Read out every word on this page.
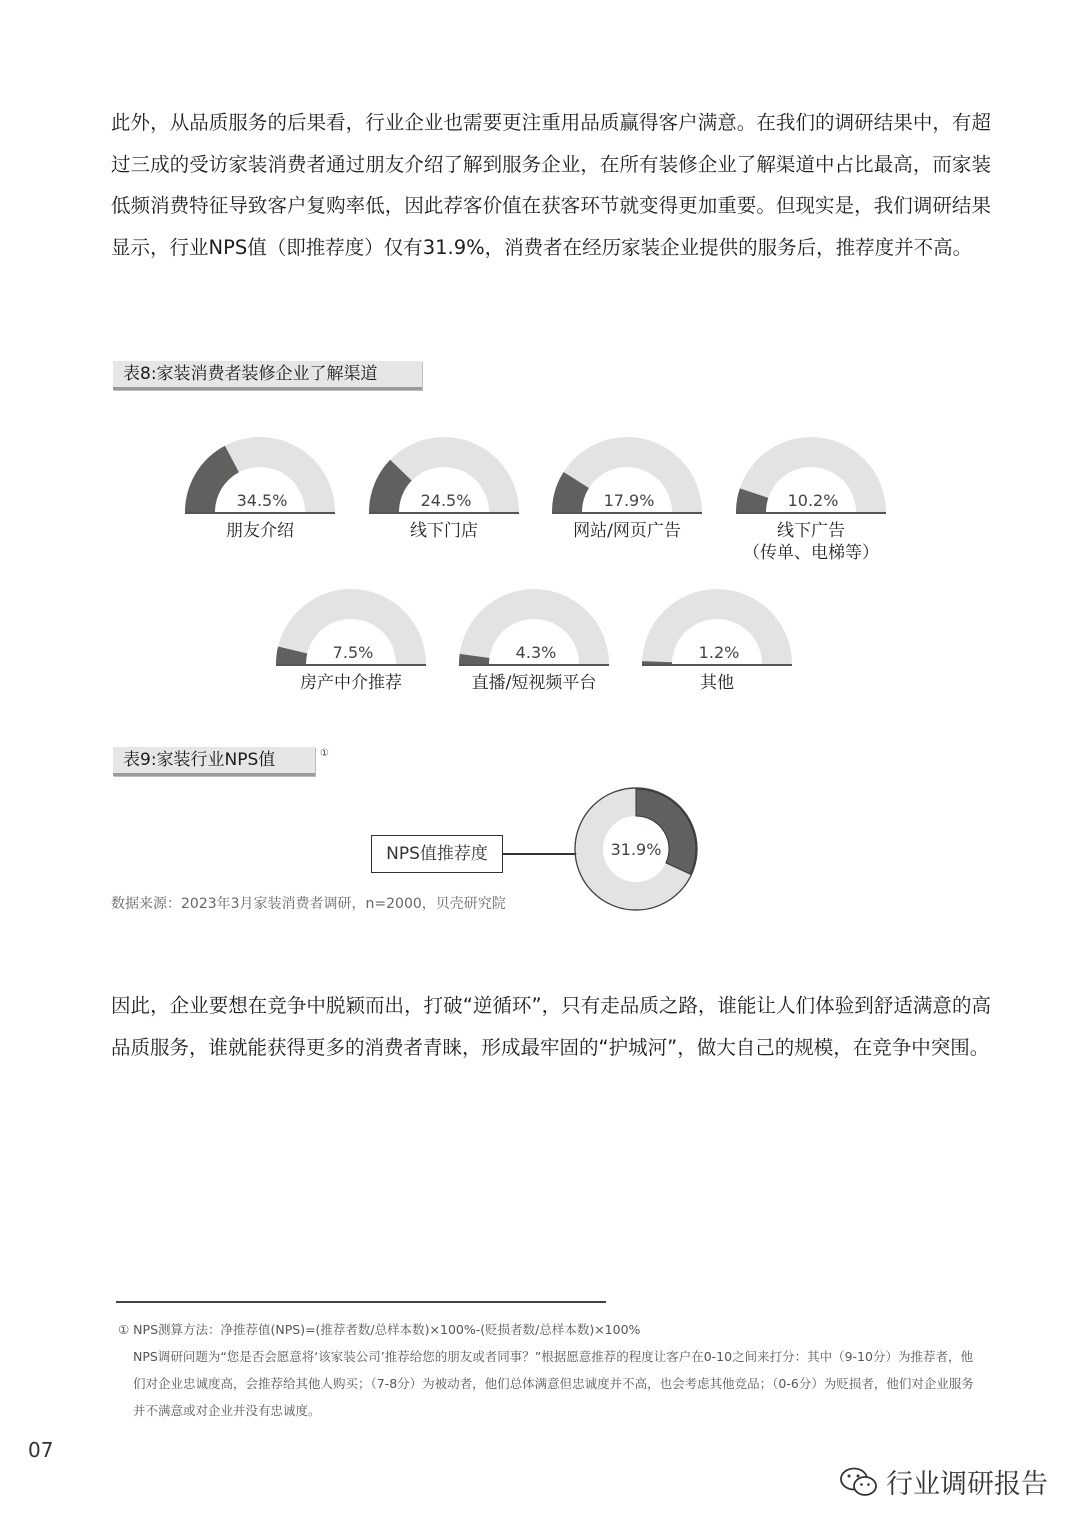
此外，从品质服务的后果看，行业企业也需要更注重用品质赢得客户满意。在我们的调研结果中，有超过三成的受访家装消费者通过朋友介绍了解到服务企业，在所有装修企业了解渠道中占比最高，而家装低频消费特征导致客户复购率低，因此荐客价值在获客环节就变得更加重要。但现实是，我们调研结果显示，行业NPS值（即推荐度）仅有31.9%，消费者在经历家装企业提供的服务后，推荐度并不高。

表8:家装消费者装修企业了解渠道
34.5%
朋友介绍
24.5%
线下门店
17.9%
网站/网页广告
10.2%
线下广告
（传单、电梯等）
7.5%
房产中介推荐
4.3%
直播/短视频平台
1.2%
其他
表9:家装行业NPS值	①
NPS值推荐度	31.9%
数据来源：2023年3月家装消费者调研，n=2000，贝壳研究院

因此，企业要想在竞争中脱颖而出，打破“逆循环”，只有走品质之路，谁能让人们体验到舒适满意的高品质服务，谁就能获得更多的消费者青睐，形成最牢固的“护城河”，做大自己的规模，在竞争中突围。

① NPS测算方法：净推荐值(NPS)=(推荐者数/总样本数)×100%-(贬损者数/总样本数)×100%

NPS调研问题为“您是否会愿意将‘该家装公司’推荐给您的朋友或者同事？”根据愿意推荐的程度让客户在0-10之间来打分：其中（9-10分）为推荐者，他们对企业忠诚度高，会推荐给其他人购买；（7-8分）为被动者，他们总体满意但忠诚度并不高，也会考虑其他竞品；（0-6分）为贬损者，他们对企业服务并不满意或对企业并没有忠诚度。

07
行业调研报告
